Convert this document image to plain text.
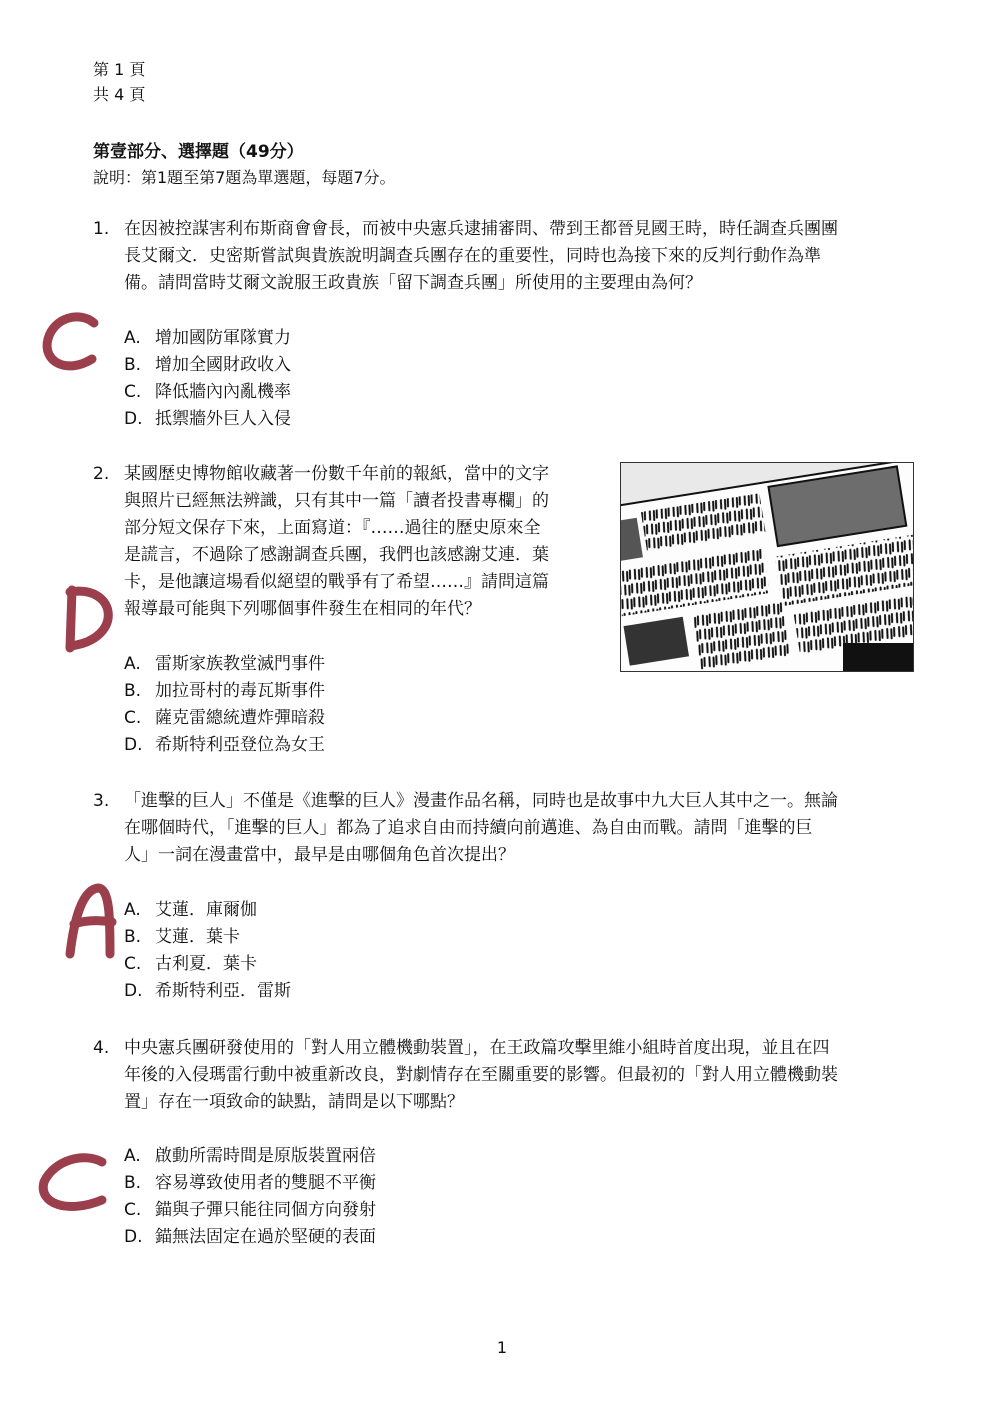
第 1 頁
共 4 頁
第壹部分、選擇題（49分）
說明：第1題至第7題為單選題，每題7分。
1. 在因被控謀害利布斯商會會長，而被中央憲兵逮捕審問、帶到王都晉見國王時，時任調查兵團團
長艾爾文．史密斯嘗試與貴族說明調查兵團存在的重要性，同時也為接下來的反判行動作為準
備。請問當時艾爾文說服王政貴族「留下調查兵團」所使用的主要理由為何？
A. 增加國防軍隊實力
B. 增加全國財政收入
C. 降低牆內內亂機率
D. 抵禦牆外巨人入侵
2. 某國歷史博物館收藏著一份數千年前的報紙，當中的文字
與照片已經無法辨識，只有其中一篇「讀者投書專欄」的
部分短文保存下來，上面寫道：『……過往的歷史原來全
是謊言，不過除了感謝調查兵團，我們也該感謝艾連．葉
卡，是他讓這場看似絕望的戰爭有了希望……』請問這篇
報導最可能與下列哪個事件發生在相同的年代？
A. 雷斯家族教堂滅門事件
B. 加拉哥村的毒瓦斯事件
C. 薩克雷總統遭炸彈暗殺
D. 希斯特利亞登位為女王
3. 「進擊的巨人」不僅是《進擊的巨人》漫畫作品名稱，同時也是故事中九大巨人其中之一。無論
在哪個時代，「進擊的巨人」都為了追求自由而持續向前邁進、為自由而戰。請問「進擊的巨
人」一詞在漫畫當中，最早是由哪個角色首次提出？
A. 艾蓮．庫爾伽
B. 艾蓮．葉卡
C. 古利夏．葉卡
D. 希斯特利亞．雷斯
4. 中央憲兵團研發使用的「對人用立體機動裝置」，在王政篇攻擊里維小組時首度出現，並且在四
年後的入侵瑪雷行動中被重新改良，對劇情存在至關重要的影響。但最初的「對人用立體機動裝
置」存在一項致命的缺點，請問是以下哪點？
A. 啟動所需時間是原版裝置兩倍
B. 容易導致使用者的雙腿不平衡
C. 錨與子彈只能往同個方向發射
D. 錨無法固定在過於堅硬的表面
1
